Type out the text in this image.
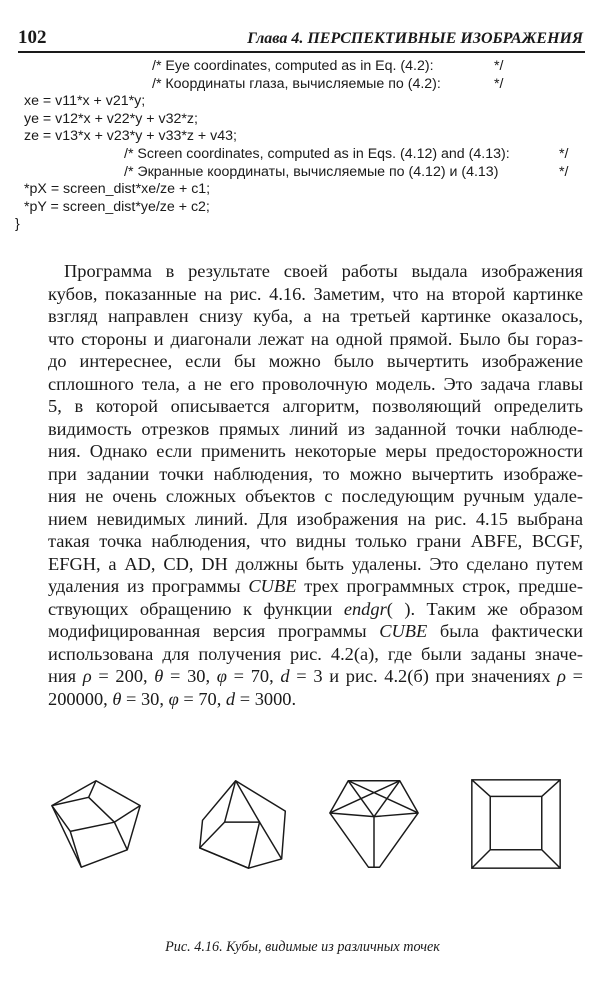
102	Глава 4. ПЕРСПЕКТИВНЫЕ ИЗОБРАЖЕНИЯ
/* Eye coordinates, computed as in Eq. (4.2):	*/
/* Координаты глаза, вычисляемые по (4.2):	*/
xe = v11*x + v21*y;
ye = v12*x + v22*y + v32*z;
ze = v13*x + v23*y + v33*z + v43;
/* Screen coordinates, computed as in Eqs. (4.12) and (4.13):	*/
/* Экранные координаты, вычисляемые по (4.12) и (4.13)	*/
*pX = screen_dist*xe/ze + c1;
*pY = screen_dist*ye/ze + c2;
}
Программа в результате своей работы выдала изображения
кубов, показанные на рис. 4.16. Заметим, что на второй картинке
взгляд направлен снизу куба, а на третьей картинке оказалось,
что стороны и диагонали лежат на одной прямой. Было бы гораз-
до интереснее, если бы можно было вычертить изображение
сплошного тела, а не его проволочную модель. Это задача главы
5, в которой описывается алгоритм, позволяющий определить
видимость отрезков прямых линий из заданной точки наблюде-
ния. Однако если применить некоторые меры предосторожности
при задании точки наблюдения, то можно вычертить изображе-
ния не очень сложных объектов с последующим ручным удале-
нием невидимых линий. Для изображения на рис. 4.15 выбрана
такая точка наблюдения, что видны только грани ABFE, BCGF,
EFGH, а AD, CD, DH должны быть удалены. Это сделано путем
удаления из программы CUBE трех программных строк, предше-
ствующих обращению к функции endgr( ). Таким же образом
модифицированная версия программы CUBE была фактически
использована для получения рис. 4.2(а), где были заданы значе-
ния ρ = 200, θ = 30, φ = 70, d = 3 и рис. 4.2(б) при значениях ρ =
200000, θ = 30, φ = 70, d = 3000.
Рис. 4.16. Кубы, видимые из различных точек
